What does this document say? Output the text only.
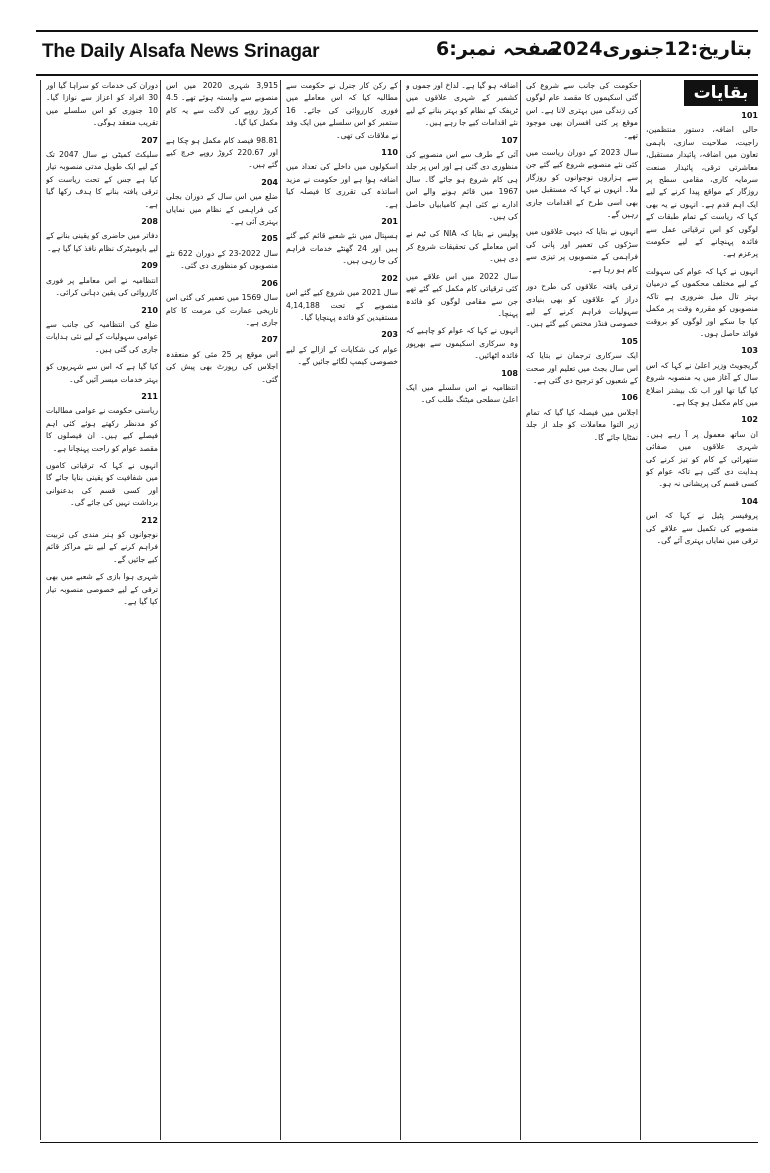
The Daily Alsafa News Srinagar	صفحہ نمبر:6
بتاریخ:12جنوری2024
بقایات
101
حالی اضافہ، دستور منتظمین، راجیت، صلاحیت سازی، باہمی تعاون میں اضافہ، پائیدار مستقبل، معاشرتی ترقی، پائیدار صنعت سرمایہ کاری، مقامی سطح پر روزگار کے مواقع پیدا کرنے کے لیے ایک اہم قدم ہے۔ انہوں نے یہ بھی کہا کہ ریاست کے تمام طبقات کے لوگوں کو اس ترقیاتی عمل سے فائدہ پہنچانے کے لیے حکومت پرعزم ہے۔
انہوں نے کہا کہ عوام کی سہولت کے لیے مختلف محکموں کے درمیان بہتر تال میل ضروری ہے تاکہ منصوبوں کو مقررہ وقت پر مکمل کیا جا سکے اور لوگوں کو بروقت فوائد حاصل ہوں۔
103
گریجویٹ وزیر اعلیٰ نے کہا کہ اس سال کے آغاز میں یہ منصوبہ شروع کیا گیا تھا اور اب تک بیشتر اضلاع میں کام مکمل ہو چکا ہے۔
102
ان ساتھ معمول پر آ رہے ہیں۔ شہری علاقوں میں صفائی ستھرائی کے کام کو تیز کرنے کی ہدایت دی گئی ہے تاکہ عوام کو کسی قسم کی پریشانی نہ ہو۔
104
پروفیسر پٹیل نے کہا کہ اس منصوبے کی تکمیل سے علاقے کی ترقی میں نمایاں بہتری آئے گی۔
حکومت کی جانب سے شروع کی گئی اسکیموں کا مقصد عام لوگوں کی زندگی میں بہتری لانا ہے۔ اس موقع پر کئی افسران بھی موجود تھے۔
سال 2023 کے دوران ریاست میں کئی نئے منصوبے شروع کیے گئے جن سے ہزاروں نوجوانوں کو روزگار ملا۔ انہوں نے کہا کہ مستقبل میں بھی اسی طرح کے اقدامات جاری رہیں گے۔
انہوں نے بتایا کہ دیہی علاقوں میں سڑکوں کی تعمیر اور پانی کی فراہمی کے منصوبوں پر تیزی سے کام ہو رہا ہے۔
ترقی یافتہ علاقوں کی طرح دور دراز کے علاقوں کو بھی بنیادی سہولیات فراہم کرنے کے لیے خصوصی فنڈز مختص کیے گئے ہیں۔
105
ایک سرکاری ترجمان نے بتایا کہ اس سال بجٹ میں تعلیم اور صحت کے شعبوں کو ترجیح دی گئی ہے۔
106
اجلاس میں فیصلہ کیا گیا کہ تمام زیر التوا معاملات کو جلد از جلد نمٹایا جائے گا۔
اضافہ ہو گیا ہے۔ لداخ اور جموں و کشمیر کے شہری علاقوں میں ٹریفک کے نظام کو بہتر بنانے کے لیے نئے اقدامات کیے جا رہے ہیں۔
107
آئی کے طرف سے اس منصوبے کی منظوری دی گئی ہے اور اس پر جلد ہی کام شروع ہو جائے گا۔ سال 1967 میں قائم ہونے والے اس ادارے نے کئی اہم کامیابیاں حاصل کی ہیں۔
پولیس نے بتایا کہ NIA کی ٹیم نے اس معاملے کی تحقیقات شروع کر دی ہیں۔
سال 2022 میں اس علاقے میں کئی ترقیاتی کام مکمل کیے گئے تھے جن سے مقامی لوگوں کو فائدہ پہنچا۔
انہوں نے کہا کہ عوام کو چاہیے کہ وہ سرکاری اسکیموں سے بھرپور فائدہ اٹھائیں۔
108
انتظامیہ نے اس سلسلے میں ایک اعلیٰ سطحی میٹنگ طلب کی۔
کے رکن کار جنرل نے حکومت سے مطالبہ کیا کہ اس معاملے میں فوری کارروائی کی جائے۔ 16 ستمبر کو اس سلسلے میں ایک وفد نے ملاقات کی تھی۔
110
اسکولوں میں داخلے کی تعداد میں اضافہ ہوا ہے اور حکومت نے مزید اساتذہ کی تقرری کا فیصلہ کیا ہے۔
201
ہسپتال میں نئے شعبے قائم کیے گئے ہیں اور 24 گھنٹے خدمات فراہم کی جا رہی ہیں۔
202
سال 2021 میں شروع کیے گئے اس منصوبے کے تحت 4,14,188 مستفیدین کو فائدہ پہنچایا گیا۔
203
عوام کی شکایات کے ازالے کے لیے خصوصی کیمپ لگائے جائیں گے۔
3,915 شہری 2020 میں اس منصوبے سے وابستہ ہوئے تھے۔ 4.5 کروڑ روپے کی لاگت سے یہ کام مکمل کیا گیا۔
98.81 فیصد کام مکمل ہو چکا ہے اور 220.67 کروڑ روپے خرچ کیے گئے ہیں۔
204
ضلع میں اس سال کے دوران بجلی کی فراہمی کے نظام میں نمایاں بہتری آئی ہے۔
205
سال 2022-23 کے دوران 622 نئے منصوبوں کو منظوری دی گئی۔
206
سال 1569 میں تعمیر کی گئی اس تاریخی عمارت کی مرمت کا کام جاری ہے۔
207
اس موقع پر 25 مئی کو منعقدہ اجلاس کی رپورٹ بھی پیش کی گئی۔
دوران کی خدمات کو سراہا گیا اور 30 افراد کو اعزاز سے نوازا گیا۔ 10 جنوری کو اس سلسلے میں تقریب منعقد ہوگی۔
207
سلیکٹ کمیٹی نے سال 2047 تک کے لیے ایک طویل مدتی منصوبہ تیار کیا ہے جس کے تحت ریاست کو ترقی یافتہ بنانے کا ہدف رکھا گیا ہے۔
208
دفاتر میں حاضری کو یقینی بنانے کے لیے بایومیٹرک نظام نافذ کیا گیا ہے۔
209
انتظامیہ نے اس معاملے پر فوری کارروائی کی یقین دہانی کرائی۔
210
ضلع کی انتظامیہ کی جانب سے عوامی سہولیات کے لیے نئی ہدایات جاری کی گئی ہیں۔
کیا گیا ہے کہ اس سے شہریوں کو بہتر خدمات میسر آئیں گی۔
211
ریاستی حکومت نے عوامی مطالبات کو مدنظر رکھتے ہوئے کئی اہم فیصلے کیے ہیں۔ ان فیصلوں کا مقصد عوام کو راحت پہنچانا ہے۔
انہوں نے کہا کہ ترقیاتی کاموں میں شفافیت کو یقینی بنایا جائے گا اور کسی قسم کی بدعنوانی برداشت نہیں کی جائے گی۔
212
نوجوانوں کو ہنر مندی کی تربیت فراہم کرنے کے لیے نئے مراکز قائم کیے جائیں گے۔
شہری ہوا بازی کے شعبے میں بھی ترقی کے لیے خصوصی منصوبہ تیار کیا گیا ہے۔
